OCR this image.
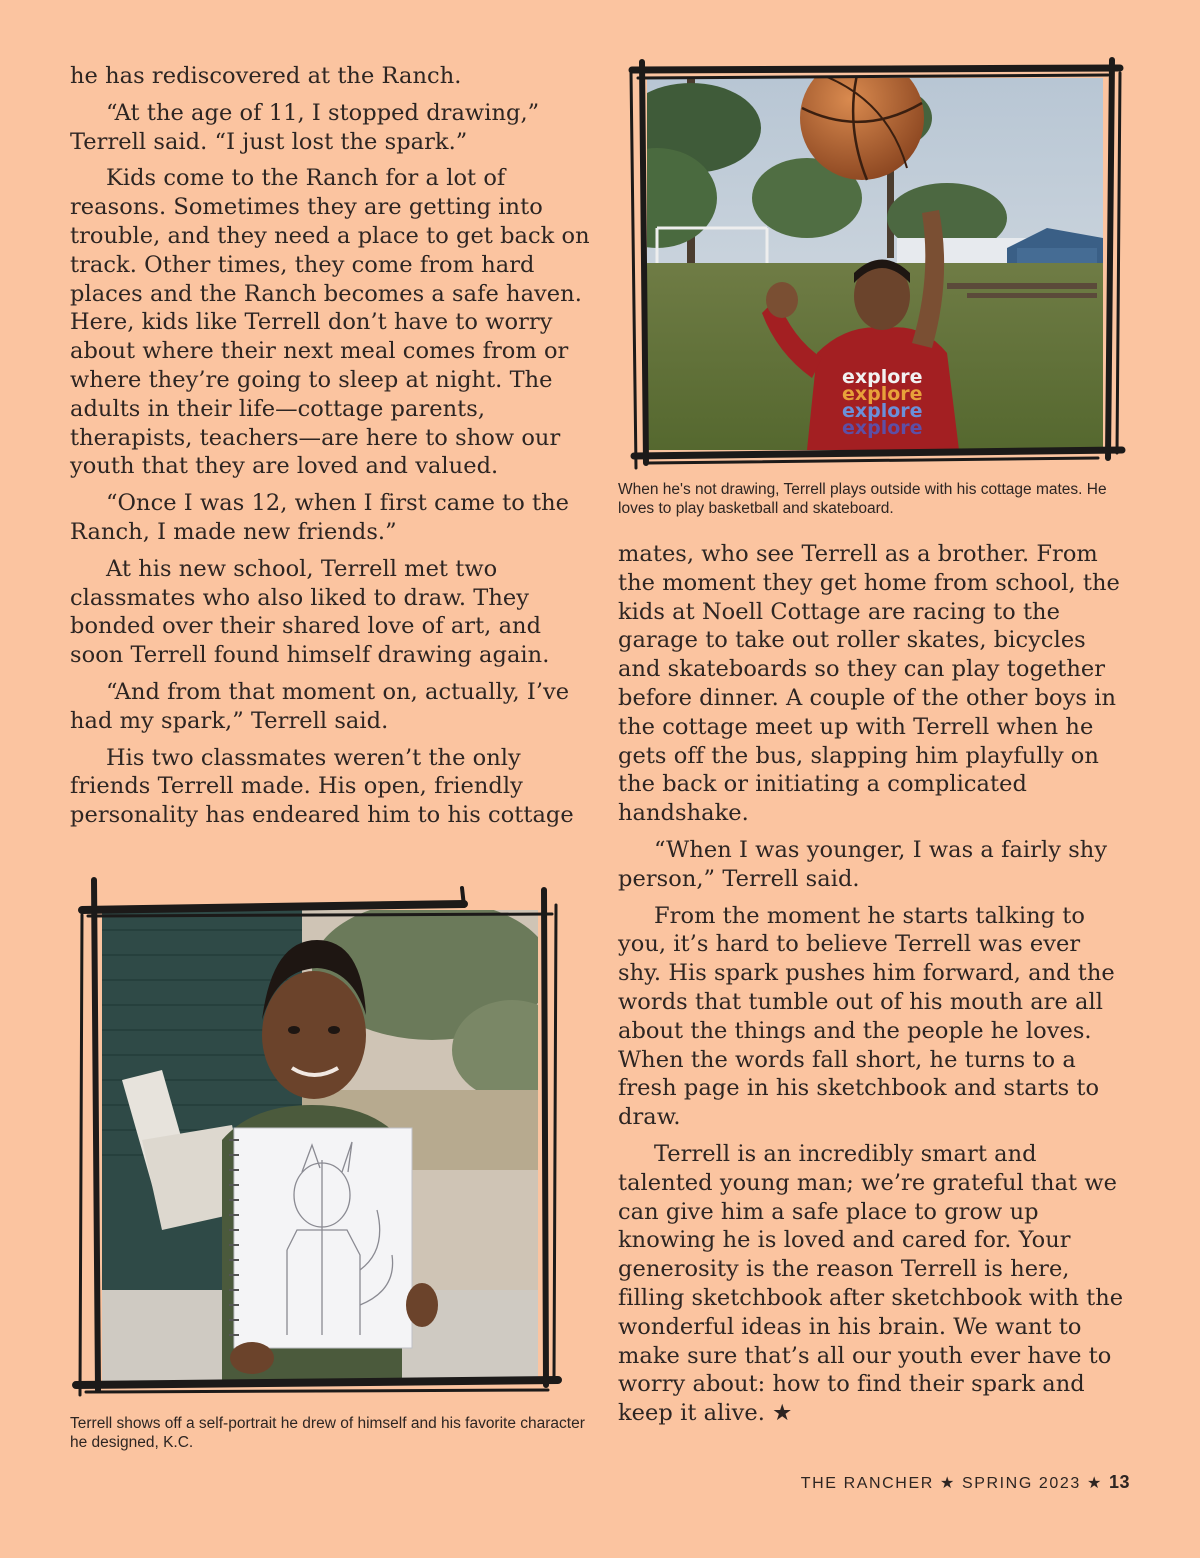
he has rediscovered at the Ranch.

“At the age of 11, I stopped drawing,” Terrell said. “I just lost the spark.”

Kids come to the Ranch for a lot of reasons. Sometimes they are getting into trouble, and they need a place to get back on track. Other times, they come from hard places and the Ranch becomes a safe haven. Here, kids like Terrell don’t have to worry about where their next meal comes from or where they’re going to sleep at night. The adults in their life—cottage parents, therapists, teachers—are here to show our youth that they are loved and valued.

“Once I was 12, when I first came to the Ranch, I made new friends.”

At his new school, Terrell met two classmates who also liked to draw. They bonded over their shared love of art, and soon Terrell found himself drawing again.

“And from that moment on, actually, I’ve had my spark,” Terrell said.

His two classmates weren’t the only friends Terrell made. His open, friendly personality has endeared him to his cottage

mates, who see Terrell as a brother. From the moment they get home from school, the kids at Noell Cottage are racing to the garage to take out roller skates, bicycles and skateboards so they can play together before dinner. A couple of the other boys in the cottage meet up with Terrell when he gets off the bus, slapping him playfully on the back or initiating a complicated handshake.

“When I was younger, I was a fairly shy person,” Terrell said.

From the moment he starts talking to you, it’s hard to believe Terrell was ever shy. His spark pushes him forward, and the words that tumble out of his mouth are all about the things and the people he loves. When the words fall short, he turns to a fresh page in his sketchbook and starts to draw.

Terrell is an incredibly smart and talented young man; we’re grateful that we can give him a safe place to grow up knowing he is loved and cared for. Your generosity is the reason Terrell is here, filling sketchbook after sketchbook with the wonderful ideas in his brain. We want to make sure that’s all our youth ever have to worry about: how to find their spark and keep it alive. ★

explore
explore
explore
explore
When he's not drawing, Terrell plays outside with his cottage mates. He loves to play basketball and skateboard.
Terrell shows off a self-portrait he drew of himself and his favorite character he designed, K.C.
THE RANCHER ★ SPRING 2023 ★ 13
